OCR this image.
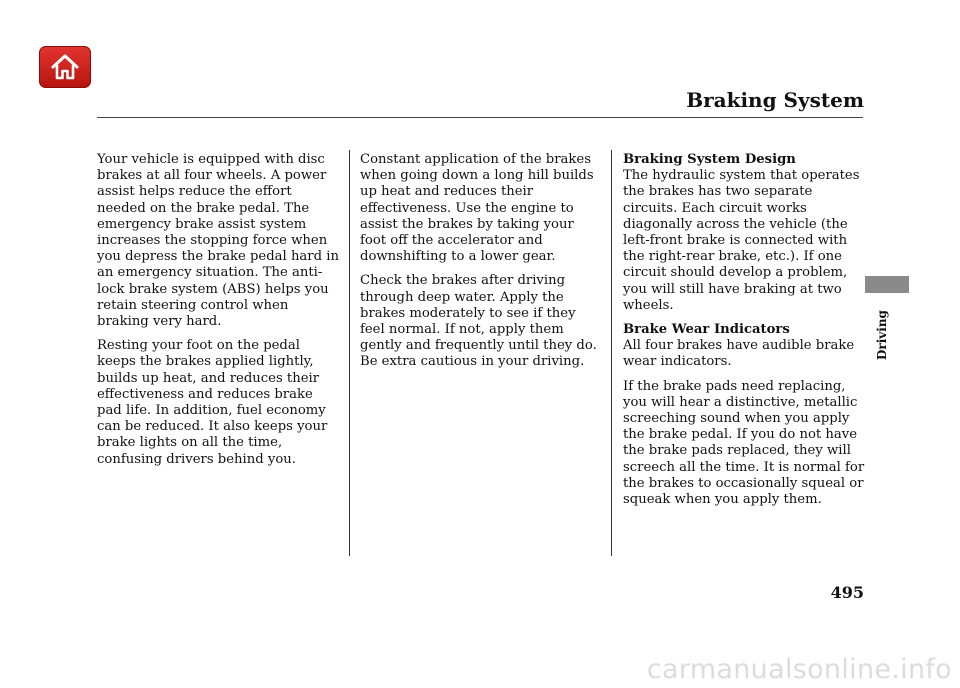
Braking System

Your vehicle is equipped with disc brakes at all four wheels. A power assist helps reduce the effort needed on the brake pedal. The emergency brake assist system increases the stopping force when you depress the brake pedal hard in an emergency situation. The anti-lock brake system (ABS) helps you retain steering control when braking very hard.

Resting your foot on the pedal keeps the brakes applied lightly, builds up heat, and reduces their effectiveness and reduces brake pad life. In addition, fuel economy can be reduced. It also keeps your brake lights on all the time, confusing drivers behind you.

Constant application of the brakes when going down a long hill builds up heat and reduces their effectiveness. Use the engine to assist the brakes by taking your foot off the accelerator and downshifting to a lower gear.

Check the brakes after driving through deep water. Apply the brakes moderately to see if they feel normal. If not, apply them gently and frequently until they do. Be extra cautious in your driving.

Braking System Design

The hydraulic system that operates the brakes has two separate circuits. Each circuit works diagonally across the vehicle (the left-front brake is connected with the right-rear brake, etc.). If one circuit should develop a problem, you will still have braking at two wheels.

Brake Wear Indicators

All four brakes have audible brake wear indicators.

If the brake pads need replacing, you will hear a distinctive, metallic screeching sound when you apply the brake pedal. If you do not have the brake pads replaced, they will screech all the time. It is normal for the brakes to occasionally squeal or squeak when you apply them.

Driving
495
carmanualsonline.info
